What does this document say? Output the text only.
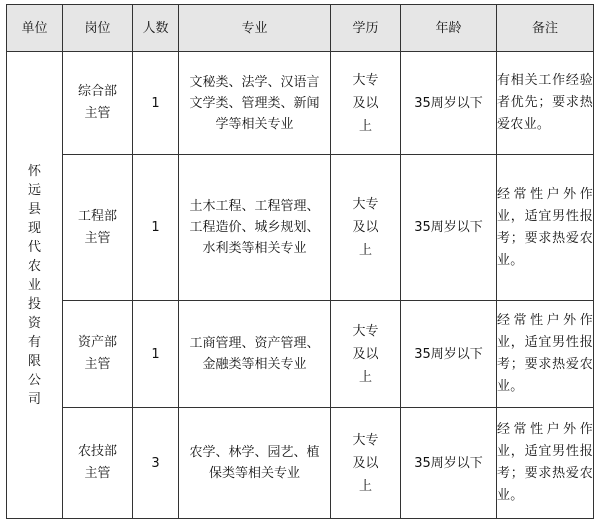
单位	岗位	人数	专业	学历	年龄	备注
怀远县现代农业投资有限公司	综合部主管	1	文秘类、法学、汉语言文学类、管理类、新闻学等相关专业	大专及以上	35周岁以下	有相关工作经验者优先；要求热爱农业。

	工程部主管	1	土木工程、工程管理、工程造价、城乡规划、水利类等相关专业	大专及以上	35周岁以下	经常性户外作业，适宜男性报考；要求热爱农业。

	资产部主管	1	工商管理、资产管理、金融类等相关专业	大专及以上	35周岁以下	经常性户外作业，适宜男性报考；要求热爱农业。

	农技部主管	3	农学、林学、园艺、植保类等相关专业	大专及以上	35周岁以下	经常性户外作业，适宜男性报考；要求热爱农业。
